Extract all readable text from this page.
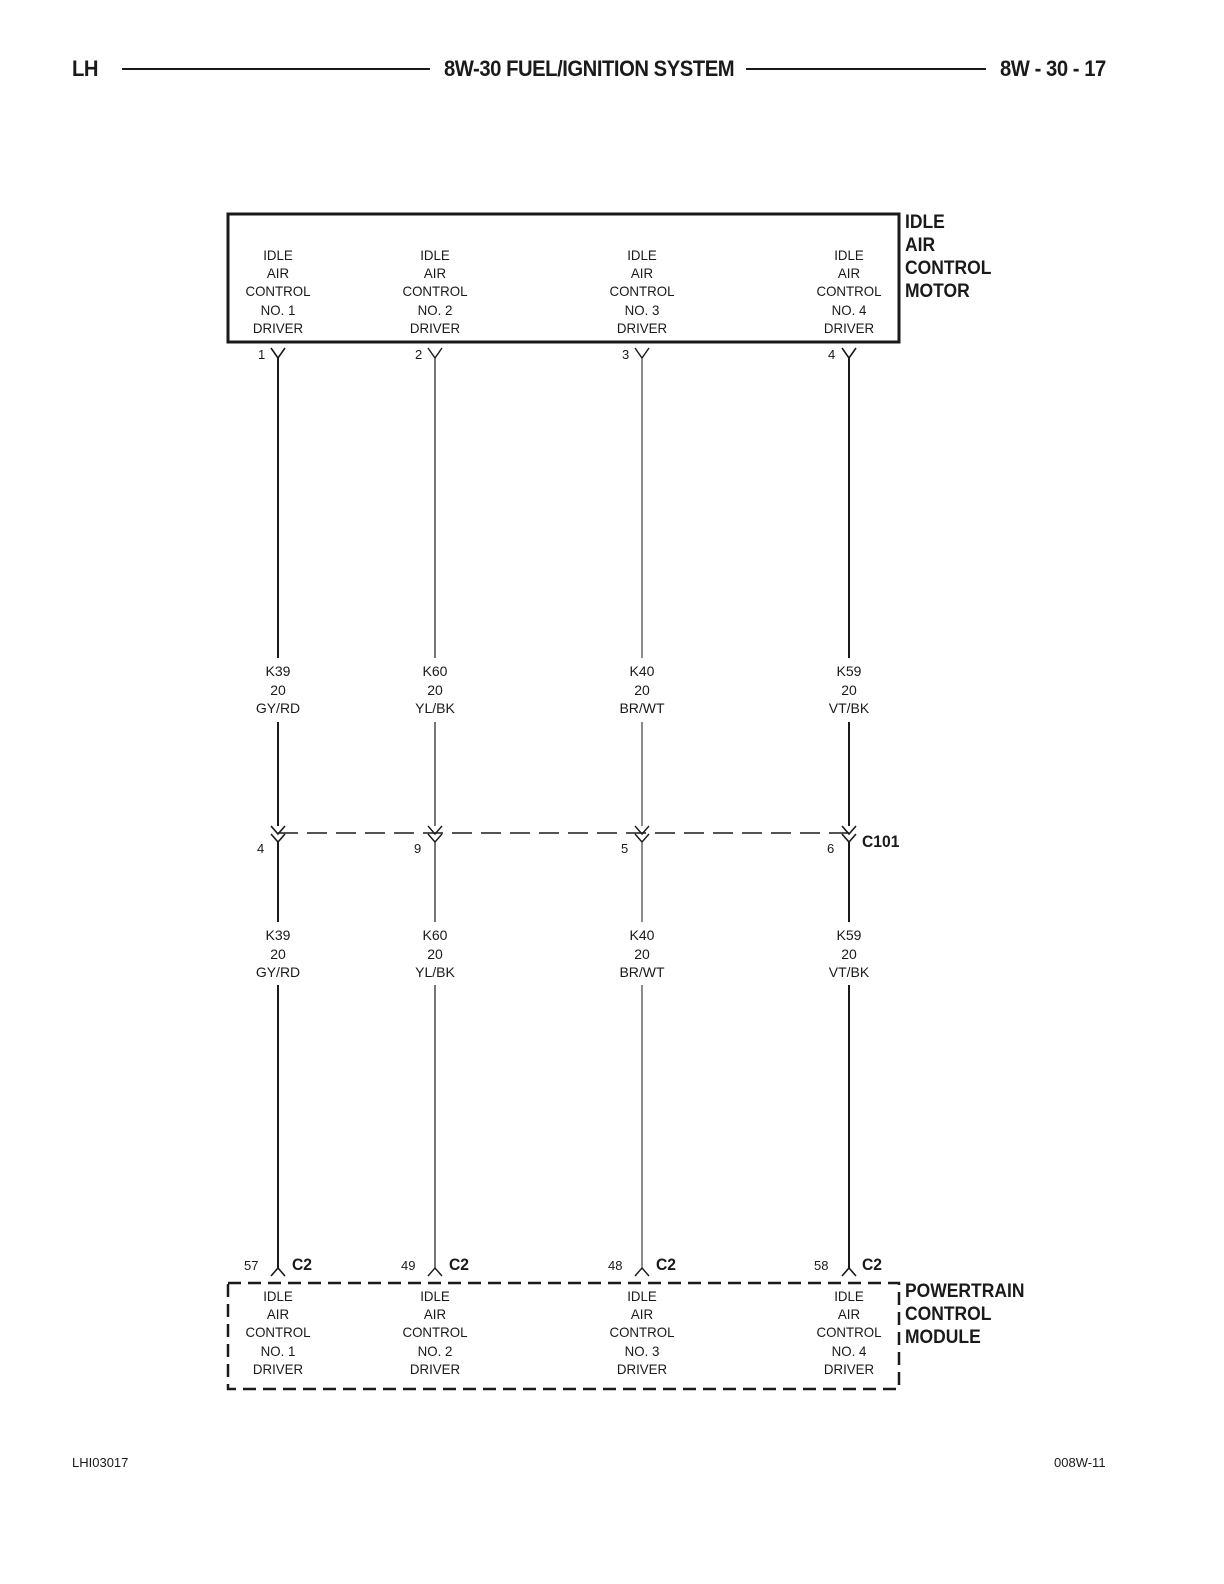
LH	8W-30 FUEL/IGNITION SYSTEM	8W - 30 - 17
IDLE
AIR
CONTROL
MOTOR
IDLE
AIR
CONTROL
NO. 1
DRIVER
IDLE
AIR
CONTROL
NO. 2
DRIVER
IDLE
AIR
CONTROL
NO. 3
DRIVER
IDLE
AIR
CONTROL
NO. 4
DRIVER
1	2	3	4
K39
20
GY/RD
K60
20
YL/BK
K40
20
BR/WT
K59
20
VT/BK
4	9	5	6 C101
K39
20
GY/RD
K60
20
YL/BK
K40
20
BR/WT
K59
20
VT/BK
57 C2	49 C2	48 C2	58 C2
IDLE
AIR
CONTROL
NO. 1
DRIVER
IDLE
AIR
CONTROL
NO. 2
DRIVER
IDLE
AIR
CONTROL
NO. 3
DRIVER
IDLE
AIR
CONTROL
NO. 4
DRIVER
POWERTRAIN
CONTROL
MODULE
LHI03017	008W-11
